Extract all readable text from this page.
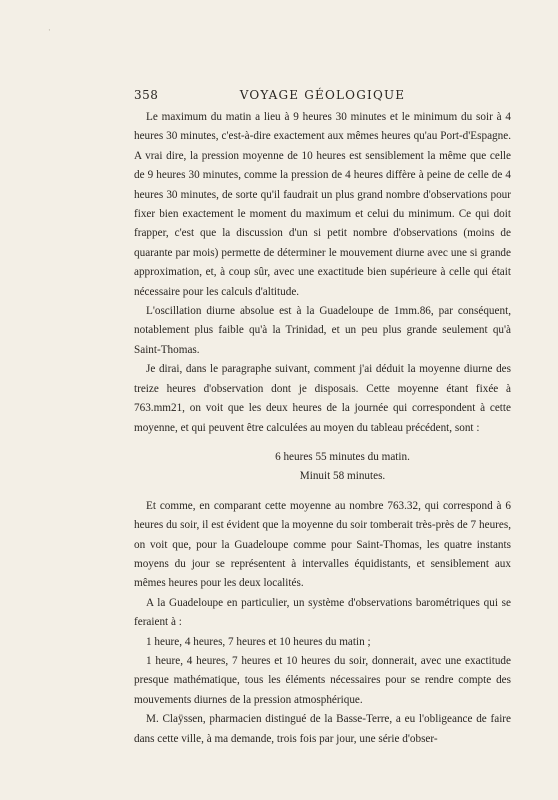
·
358	VOYAGE GÉOLOGIQUE

Le maximum du matin a lieu à 9 heures 30 minutes et le minimum du soir à 4 heures 30 minutes, c'est-à-dire exactement aux mêmes heures qu'au Port-d'Espagne. A vrai dire, la pression moyenne de 10 heures est sensiblement la même que celle de 9 heures 30 minutes, comme la pression de 4 heures diffère à peine de celle de 4 heures 30 minutes, de sorte qu'il faudrait un plus grand nombre d'observations pour fixer bien exactement le moment du maximum et celui du minimum. Ce qui doit frapper, c'est que la discussion d'un si petit nombre d'observations (moins de quarante par mois) permette de déterminer le mouvement diurne avec une si grande approximation, et, à coup sûr, avec une exactitude bien supérieure à celle qui était nécessaire pour les calculs d'altitude.

L'oscillation diurne absolue est à la Guadeloupe de 1mm.86, par conséquent, notablement plus faible qu'à la Trinidad, et un peu plus grande seulement qu'à Saint-Thomas.

Je dirai, dans le paragraphe suivant, comment j'ai déduit la moyenne diurne des treize heures d'observation dont je disposais. Cette moyenne étant fixée à 763.mm21, on voit que les deux heures de la journée qui correspondent à cette moyenne, et qui peuvent être calculées au moyen du tableau précédent, sont :

6 heures 55 minutes du matin.

Minuit 58 minutes.

Et comme, en comparant cette moyenne au nombre 763.32, qui correspond à 6 heures du soir, il est évident que la moyenne du soir tomberait très-près de 7 heures, on voit que, pour la Guadeloupe comme pour Saint-Thomas, les quatre instants moyens du jour se représentent à intervalles équidistants, et sensiblement aux mêmes heures pour les deux localités.

A la Guadeloupe en particulier, un système d'observations barométriques qui se feraient à :

1 heure, 4 heures, 7 heures et 10 heures du matin ;

1 heure, 4 heures, 7 heures et 10 heures du soir, donnerait, avec une exactitude presque mathématique, tous les éléments nécessaires pour se rendre compte des mouvements diurnes de la pression atmosphérique.

M. Claÿssen, pharmacien distingué de la Basse-Terre, a eu l'obligeance de faire dans cette ville, à ma demande, trois fois par jour, une série d'obser-
